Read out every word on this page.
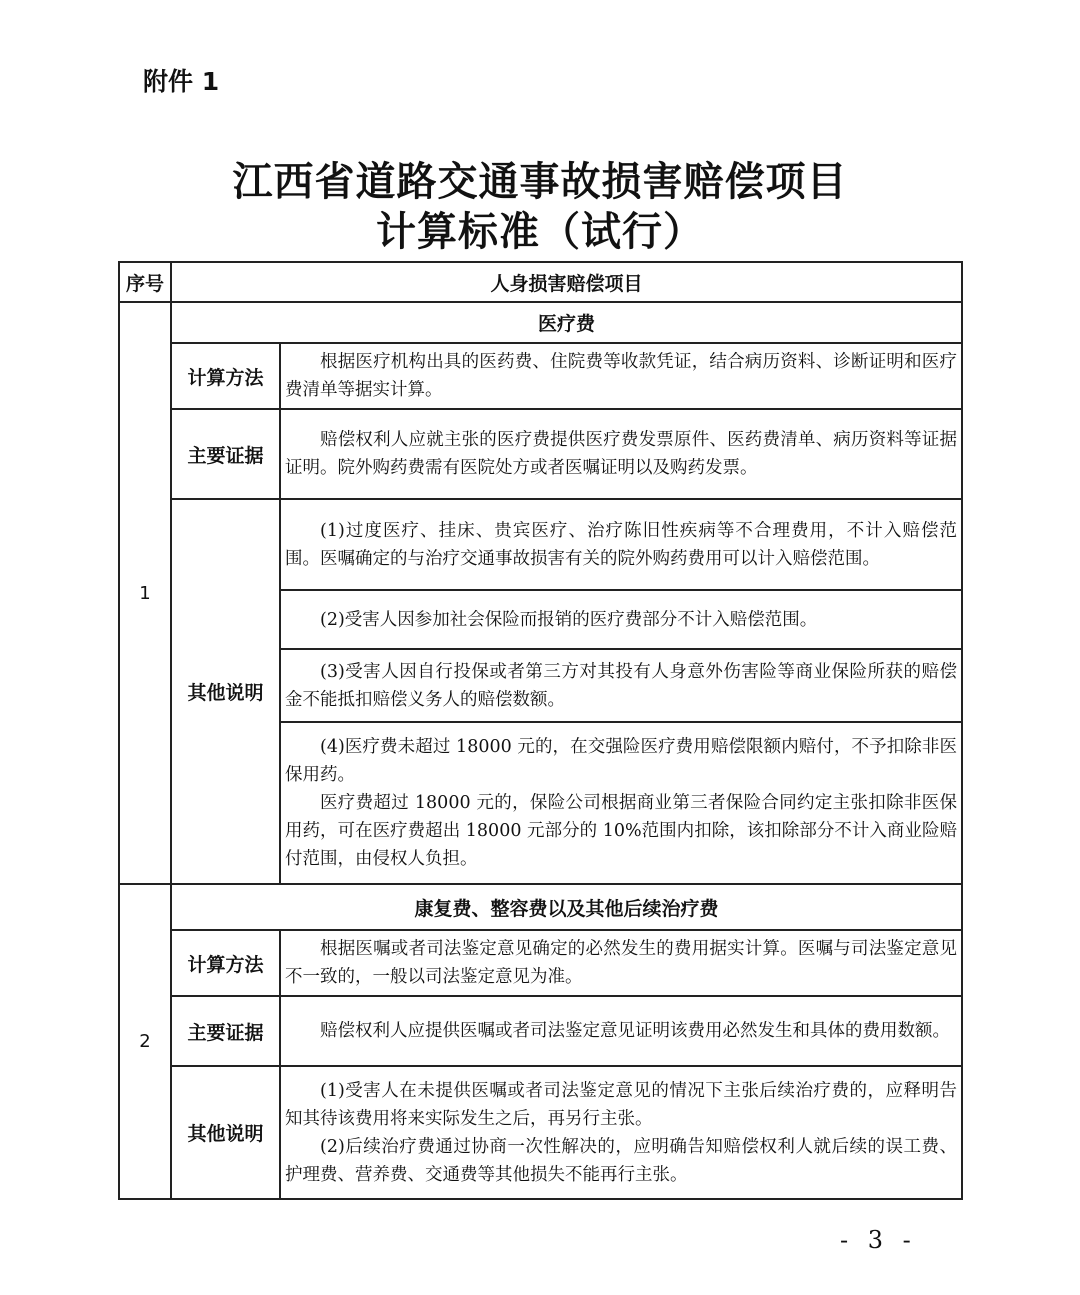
附件 1
江西省道路交通事故损害赔偿项目
计算标准（试行）
序号	人身损害赔偿项目	
1	医疗费	
	计算方法	根据医疗机构出具的医药费、住院费等收款凭证，结合病历资料、诊断证明和医疗费清单等据实计算。

	主要证据	赔偿权利人应就主张的医疗费提供医疗费发票原件、医药费清单、病历资料等证据证明。院外购药费需有医院处方或者医嘱证明以及购药发票。

	其他说明	(1)过度医疗、挂床、贵宾医疗、治疗陈旧性疾病等不合理费用，不计入赔偿范围。医嘱确定的与治疗交通事故损害有关的院外购药费用可以计入赔偿范围。

		(2)受害人因参加社会保险而报销的医疗费部分不计入赔偿范围。

		(3)受害人因自行投保或者第三方对其投有人身意外伤害险等商业保险所获的赔偿金不能抵扣赔偿义务人的赔偿数额。

		(4)医疗费未超过 18000 元的，在交强险医疗费用赔偿限额内赔付，不予扣除非医保用药。

医疗费超过 18000 元的，保险公司根据商业第三者保险合同约定主张扣除非医保用药，可在医疗费超出 18000 元部分的 10%范围内扣除，该扣除部分不计入商业险赔付范围，由侵权人负担。

2	康复费、整容费以及其他后续治疗费	
	计算方法	根据医嘱或者司法鉴定意见确定的必然发生的费用据实计算。医嘱与司法鉴定意见不一致的，一般以司法鉴定意见为准。

	主要证据	赔偿权利人应提供医嘱或者司法鉴定意见证明该费用必然发生和具体的费用数额。

	其他说明	(1)受害人在未提供医嘱或者司法鉴定意见的情况下主张后续治疗费的，应释明告知其待该费用将来实际发生之后，再另行主张。

(2)后续治疗费通过协商一次性解决的，应明确告知赔偿权利人就后续的误工费、护理费、营养费、交通费等其他损失不能再行主张。

- 3 -
